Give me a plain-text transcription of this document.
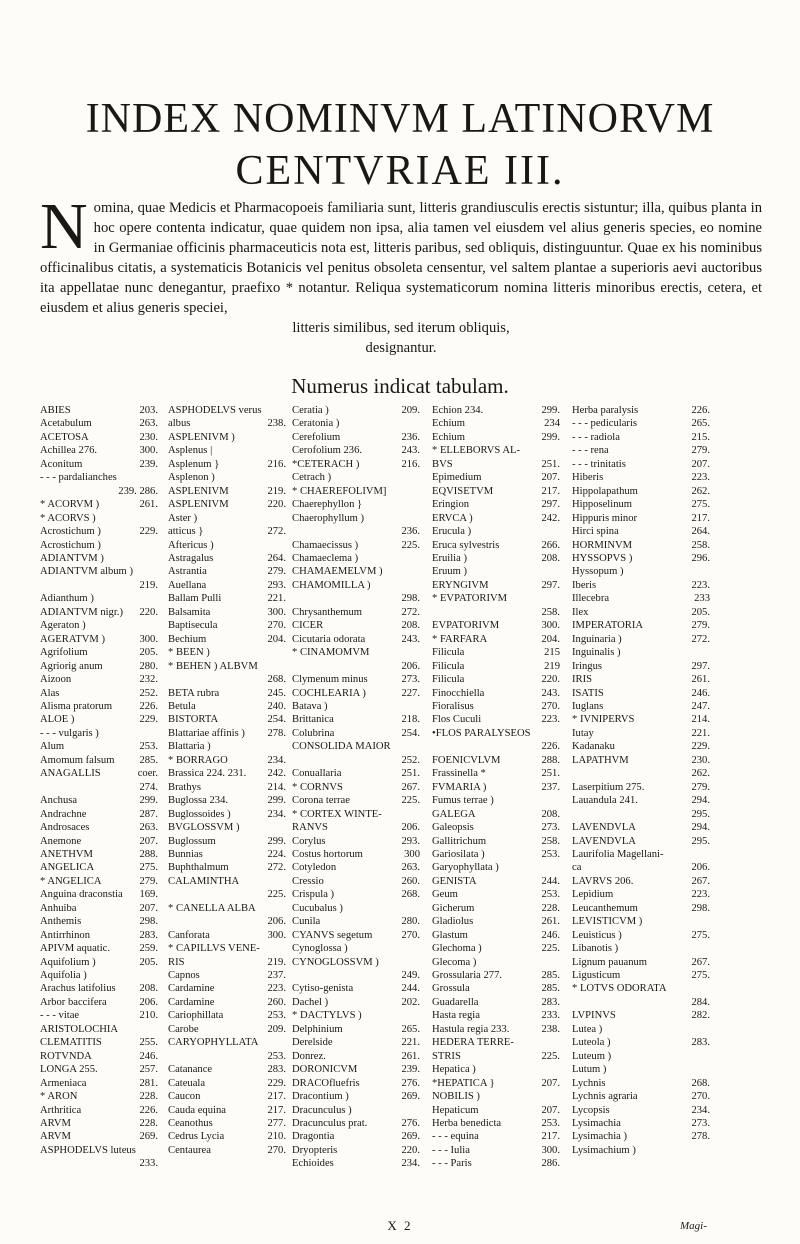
INDEX NOMINVM LATINORVM
CENTVRIAE III.
N omina, quae Medicis et Pharmacopoeis familiaria sunt, litteris grandiusculis erectis sistuntur; illa, quibus planta in hoc opere contenta indicatur, quae quidem non ipsa, alia tamen vel eiusdem vel alius generis species, eo nomine in Germaniae officinis pharmaceuticis nota est, litteris paribus, sed obliquis, distinguuntur. Quae ex his nominibus officinalibus citatis, a systematicis Botanicis vel penitus obsoleta censentur, vel saltem plantae a superioris aevi auctoribus ita appellatae nunc denegantur, praefixo * notantur. Reliqua systematicorum nomina litteris minoribus erectis, cetera, et eiusdem et alius generis speciei,

litteris similibus, sed iterum obliquis,

designantur.

Numerus indicat tabulam.
ABIES	203.
Acetabulum	263.
ACETOSA	230.
Achillea 276.	300.
Aconitum	239.
- - - pardalianches
239. 286.
* ACORVM )	261.
* ACORVS )
Acrostichum )	229.
Acrostichum )
ADIANTVM )
ADIANTVM album )
219.
Adianthum )
ADIANTVM nigr.)	220.
Ageraton )
AGERATVM )	300.
Agrifolium	205.
Agriorig anum	280.
Aizoon	232.
Alas	252.
Alisma pratorum	226.
ALOE )	229.
- - - vulgaris )
Alum	253.
Amomum falsum	285.
ANAGALLIS	coer.
274.
Anchusa	299.
Andrachne	287.
Androsaces	263.
Anemone	207.
ANETHVM	288.
ANGELICA	275.
* ANGELICA	279.
Anguina draconstia	169.
Anhuiba	207.
Anthemis	298.
Antirrhinon	283.
APIVM aquatic.	259.
Aquifolium )	205.
Aquifolia )
Arachus latifolius	208.
Arbor baccifera	206.
- - - vitae	210.
ARISTOLOCHIA
CLEMATITIS	255.
ROTVNDA	246.
LONGA 255.	257.
Armeniaca	281.
* ARON	228.
Arthritica	226.
ARVM	228.
ARVM	269.
ASPHODELVS luteus
233.
ASPHODELVS verus
albus	238.
ASPLENIVM )
Asplenus |
Asplenum }	216.
Asplenon )
ASPLENIVM	219.
ASPLENIVM	220.
Aster )
atticus }	272.
Aftericus )
Astragalus	264.
Astrantia	279.
Auellana	293.
Ballam Pulli	221.
Balsamita	300.
Baptisecula	270.
Bechium	204.
* BEEN )
* BEHEN ) ALBVM
268.
BETA rubra	245.
Betula	240.
BISTORTA	254.
Blattariae affinis )	278.
Blattaria )
* BORRAGO	234.
Brassica 224. 231.	242.
Brathys	214.
Buglossa 234.	299.
Buglossoides )	234.
BVGLOSSVM )
Buglossum	299.
Bunnias	224.
Buphthalmum	272.
CALAMINTHA
225.
* CANELLA ALBA
206.
Canforata	300.
* CAPILLVS VENE-
RIS	219.
Capnos	237.
Cardamine	223.
Cardamine	260.
Cariophillata	253.
Carobe	209.
CARYOPHYLLATA
253.
Catanance	283.
Cateuala	229.
Caucon	217.
Cauda equina	217.
Ceanothus	277.
Cedrus Lycia	210.
Centaurea	270.
Ceratia )	209.
Ceratonia )
Cerefolium	236.
Cerofolium 236.	243.
*CETERACH )	216.
Cetrach )
* CHAEREFOLIVM]
Chaerephyllon }
Chaerophyllum )
236.
Chamaecissus )	225.
Chamaeclema )
CHAMAEMELVM )
CHAMOMILLA )
298.
Chrysanthemum	272.
CICER	208.
Cicutaria odorata	243.
* CINAMOMVM
206.
Clymenum minus	273.
COCHLEARIA )	227.
Batava )
Brittanica	218.
Colubrina	254.
CONSOLIDA MAIOR
252.
Conuallaria	251.
* CORNVS	267.
Corona terrae	225.
* CORTEX WINTE-
RANVS	206.
Corylus	293.
Costus hortorum	300
Cotyledon	263.
Cressio	260.
Crispula )	268.
Cucubalus )
Cunila	280.
CYANVS segetum	270.
Cynoglossa )
CYNOGLOSSVM )
249.
Cytiso-genista	244.
Dachel )	202.
* DACTYLVS )
Delphinium	265.
Derelside	221.
Donrez.	261.
DORONICVM	239.
DRACOfluefris	276.
Dracontium )	269.
Dracunculus )
Dracunculus prat.	276.
Dragontia	269.
Dryopteris	220.
Echioides	234.
Echion 234.	299.
Echium	234
Echium	299.
* ELLEBORVS AL-
BVS	251.
Epimedium	207.
EQVISETVM	217.
Eringion	297.
ERVCA )	242.
Erucula )
Eruca sylvestris	266.
Eruilia )	208.
Eruum )
ERYNGIVM	297.
* EVPATORIVM
258.
EVPATORIVM	300.
* FARFARA	204.
Filicula	215
Filicula	219
Filicula	220.
Finocchiella	243.
Fioralisus	270.
Flos Cuculi	223.
•FLOS PARALYSEOS
226.
FOENICVLVM	288.
Frassinella *	251.
FVMARIA )	237.
Fumus terrae )
GALEGA	208.
Galeopsis	273.
Gallitrichum	258.
Gariosilata )	253.
Garyophyllata )
GENISTA	244.
Geum	253.
Gicherum	228.
Gladiolus	261.
Glastum	246.
Glechoma )	225.
Glecoma )
Grossularia 277.	285.
Grossula	285.
Guadarella	283.
Hasta regia	233.
Hastula regia 233.	238.
HEDERA TERRE-
STRIS	225.
Hepatica )
*HEPATICA }	207.
NOBILIS )
Hepaticum	207.
Herba benedicta	253.
- - - equina	217.
- - - Iulia	300.
- - - Paris	286.
Herba paralysis	226.
- - - pedicularis	265.
- - - radiola	215.
- - - rena	279.
- - - trinitatis	207.
Hiberis	223.
Hippolapathum	262.
Hipposelinum	275.
Hippuris minor	217.
Hirci spina	264.
HORMINVM	258.
HYSSOPVS )	296.
Hyssopum )
Iberis	223.
Illecebra	233
Ilex	205.
IMPERATORIA	279.
Inguinaria )	272.
Inguinalis )
Iringus	297.
IRIS	261.
ISATIS	246.
Iuglans	247.
* IVNIPERVS	214.
Iutay	221.
Kadanaku	229.
LAPATHVM	230.
262.
Laserpitium 275.	279.
Lauandula 241.	294.
295.
LAVENDVLA	294.
LAVENDVLA	295.
Laurifolia Magellani-
ca	206.
LAVRVS 206.	267.
Lepidium	223.
Leucanthemum	298.
LEVISTICVM )
Leuisticus )	275.
Libanotis )
Lignum pauanum	267.
Ligusticum	275.
* LOTVS ODORATA
284.
LVPINVS	282.
Lutea )
Luteola )	283.
Luteum )
Lutum )
Lychnis	268.
Lychnis agraria	270.
Lycopsis	234.
Lysimachia	273.
Lysimachia )	278.
Lysimachium )
X 2	Magi-
